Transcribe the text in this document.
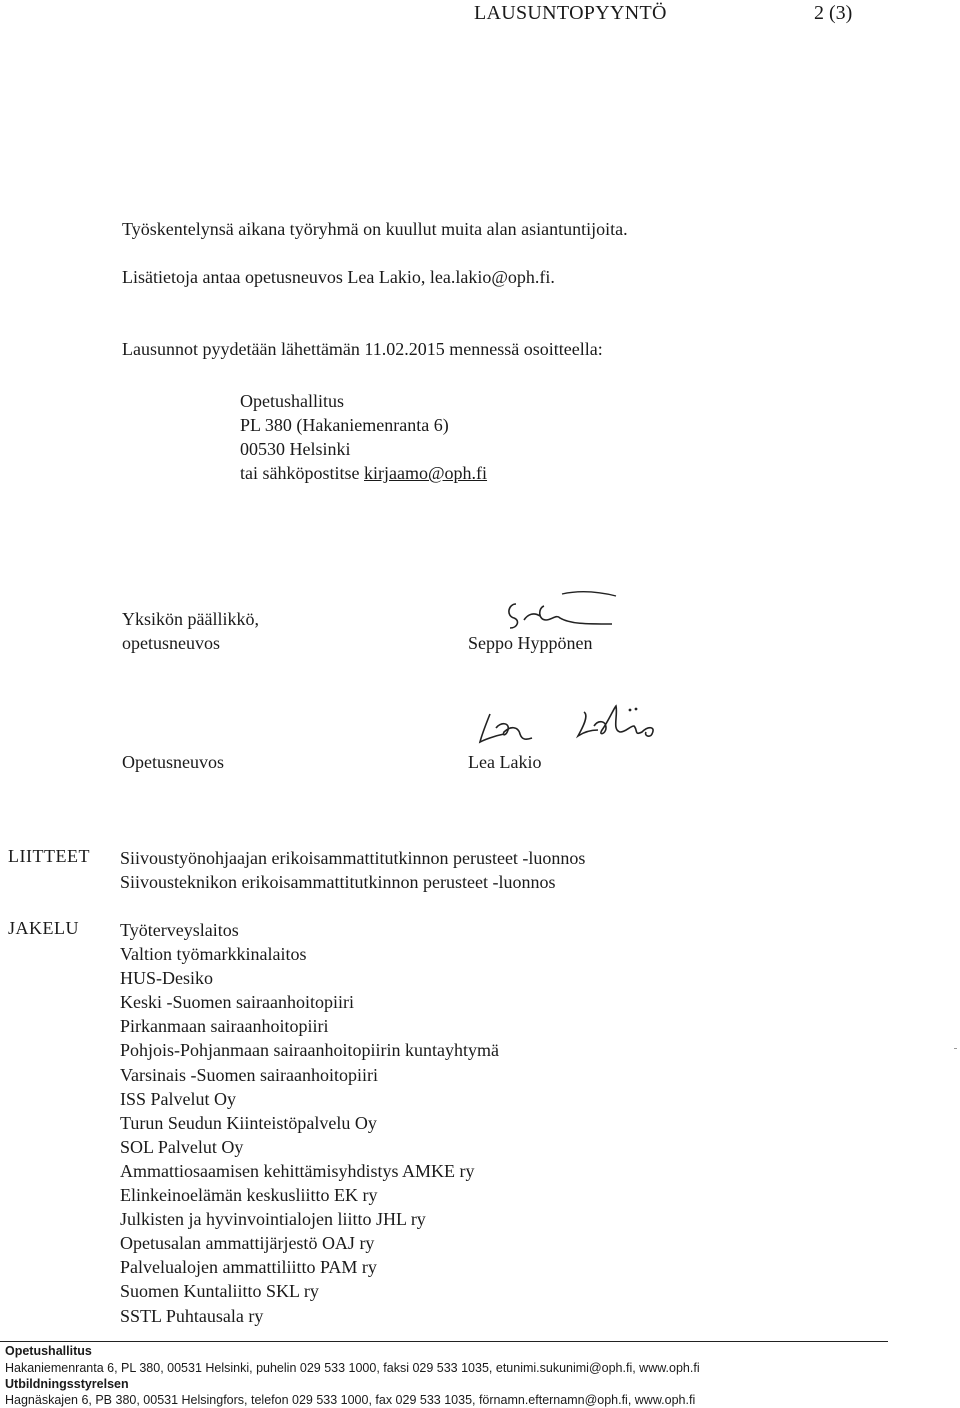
LAUSUNTOPYYNTÖ	2 (3)
Työskentelynsä aikana työryhmä on kuullut muita alan asiantuntijoita.
Lisätietoja antaa opetusneuvos Lea Lakio, lea.lakio@oph.fi.
Lausunnot pyydetään lähettämän 11.02.2015 mennessä osoitteella:
Opetushallitus
PL 380 (Hakaniemenranta 6)
00530 Helsinki
tai sähköpostitse kirjaamo@oph.fi
Yksikön päällikkö,
opetusneuvos	Seppo Hyppönen
Opetusneuvos	Lea Lakio
LIITTEET Siivoustyönohjaajan erikoisammattitutkinnon perusteet -luonnos
Siivousteknikon erikoisammattitutkinnon perusteet -luonnos
JAKELU Työterveyslaitos
Valtion työmarkkinalaitos
HUS-Desiko
Keski -Suomen sairaanhoitopiiri
Pirkanmaan sairaanhoitopiiri
Pohjois-Pohjanmaan sairaanhoitopiirin kuntayhtymä
Varsinais -Suomen sairaanhoitopiiri
ISS Palvelut Oy
Turun Seudun Kiinteistöpalvelu Oy
SOL Palvelut Oy
Ammattiosaamisen kehittämisyhdistys AMKE ry
Elinkeinoelämän keskusliitto EK ry
Julkisten ja hyvinvointialojen liitto JHL ry
Opetusalan ammattijärjestö OAJ ry
Palvelualojen ammattiliitto PAM ry
Suomen Kuntaliitto SKL ry
SSTL Puhtausala ry
Opetushallitus
Hakaniemenranta 6, PL 380, 00531 Helsinki, puhelin 029 533 1000, faksi 029 533 1035, etunimi.sukunimi@oph.fi, www.oph.fi
Utbildningsstyrelsen
Hagnäskajen 6, PB 380, 00531 Helsingfors, telefon 029 533 1000, fax 029 533 1035, förnamn.efternamn@oph.fi, www.oph.fi
